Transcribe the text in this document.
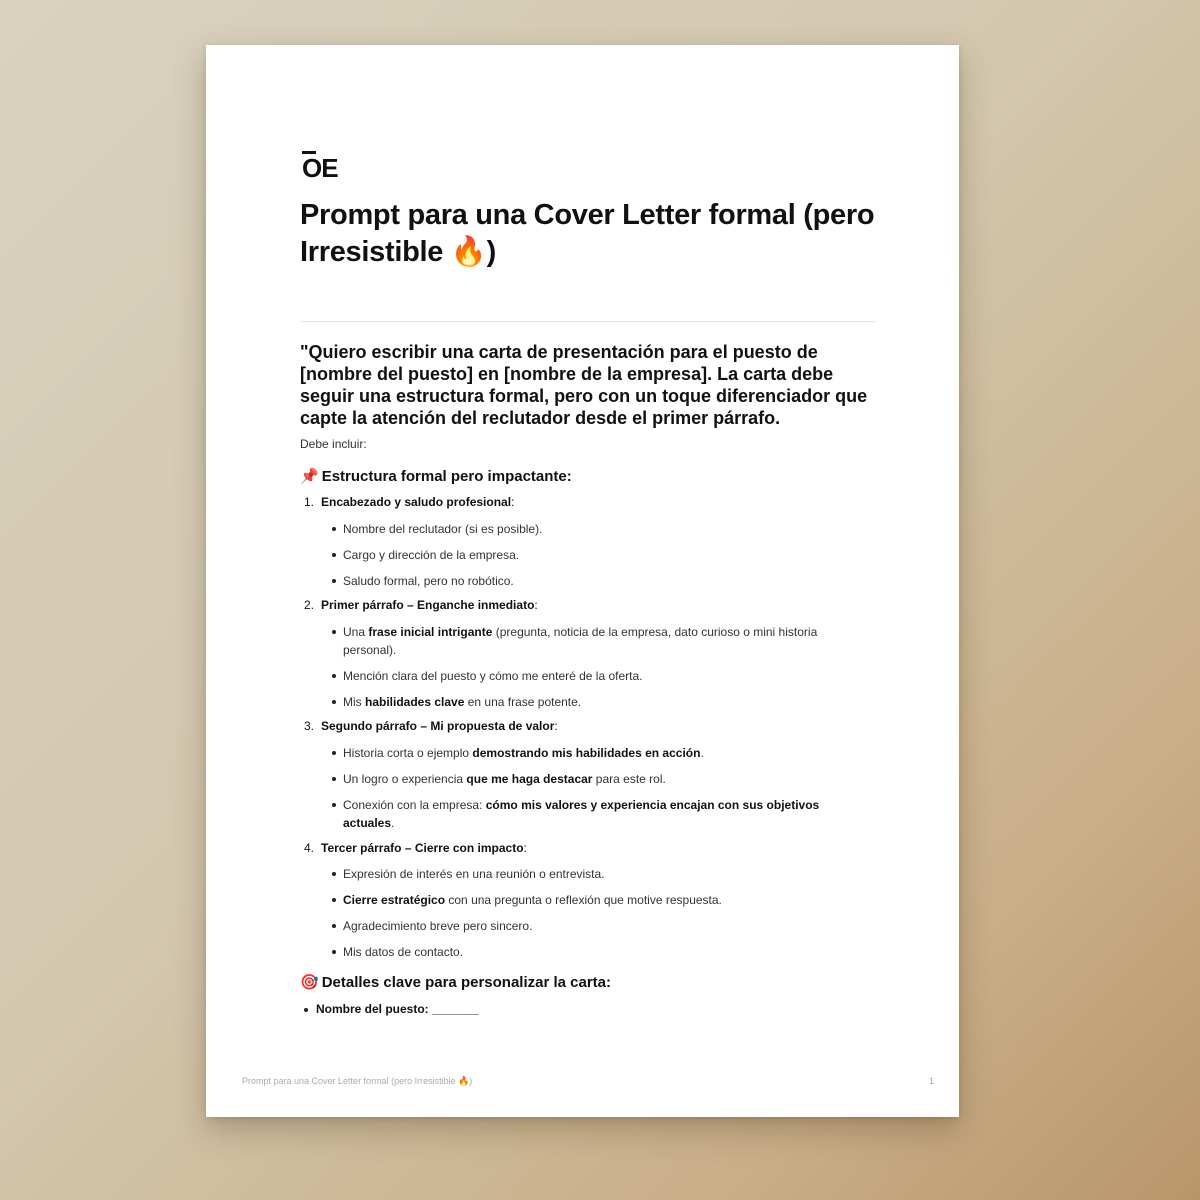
OE
Prompt para una Cover Letter formal (pero Irresistible 🔥)

"Quiero escribir una carta de presentación para el puesto de [nombre del puesto] en [nombre de la empresa]. La carta debe seguir una estructura formal, pero con un toque diferenciador que capte la atención del reclutador desde el primer párrafo.

Debe incluir:

📌 Estructura formal pero impactante:
1. Encabezado y saludo profesional:
Nombre del reclutador (si es posible).
Cargo y dirección de la empresa.
Saludo formal, pero no robótico.
2. Primer párrafo – Enganche inmediato:
Una frase inicial intrigante (pregunta, noticia de la empresa, dato curioso o mini historia personal).
Mención clara del puesto y cómo me enteré de la oferta.
Mis habilidades clave en una frase potente.
3. Segundo párrafo – Mi propuesta de valor:
Historia corta o ejemplo demostrando mis habilidades en acción.
Un logro o experiencia que me haga destacar para este rol.
Conexión con la empresa: cómo mis valores y experiencia encajan con sus objetivos actuales.
4. Tercer párrafo – Cierre con impacto:
Expresión de interés en una reunión o entrevista.
Cierre estratégico con una pregunta o reflexión que motive respuesta.
Agradecimiento breve pero sincero.
Mis datos de contacto.
🎯 Detalles clave para personalizar la carta:
Nombre del puesto: _______
Prompt para una Cover Letter formal (pero Irresistible 🔥)	1
